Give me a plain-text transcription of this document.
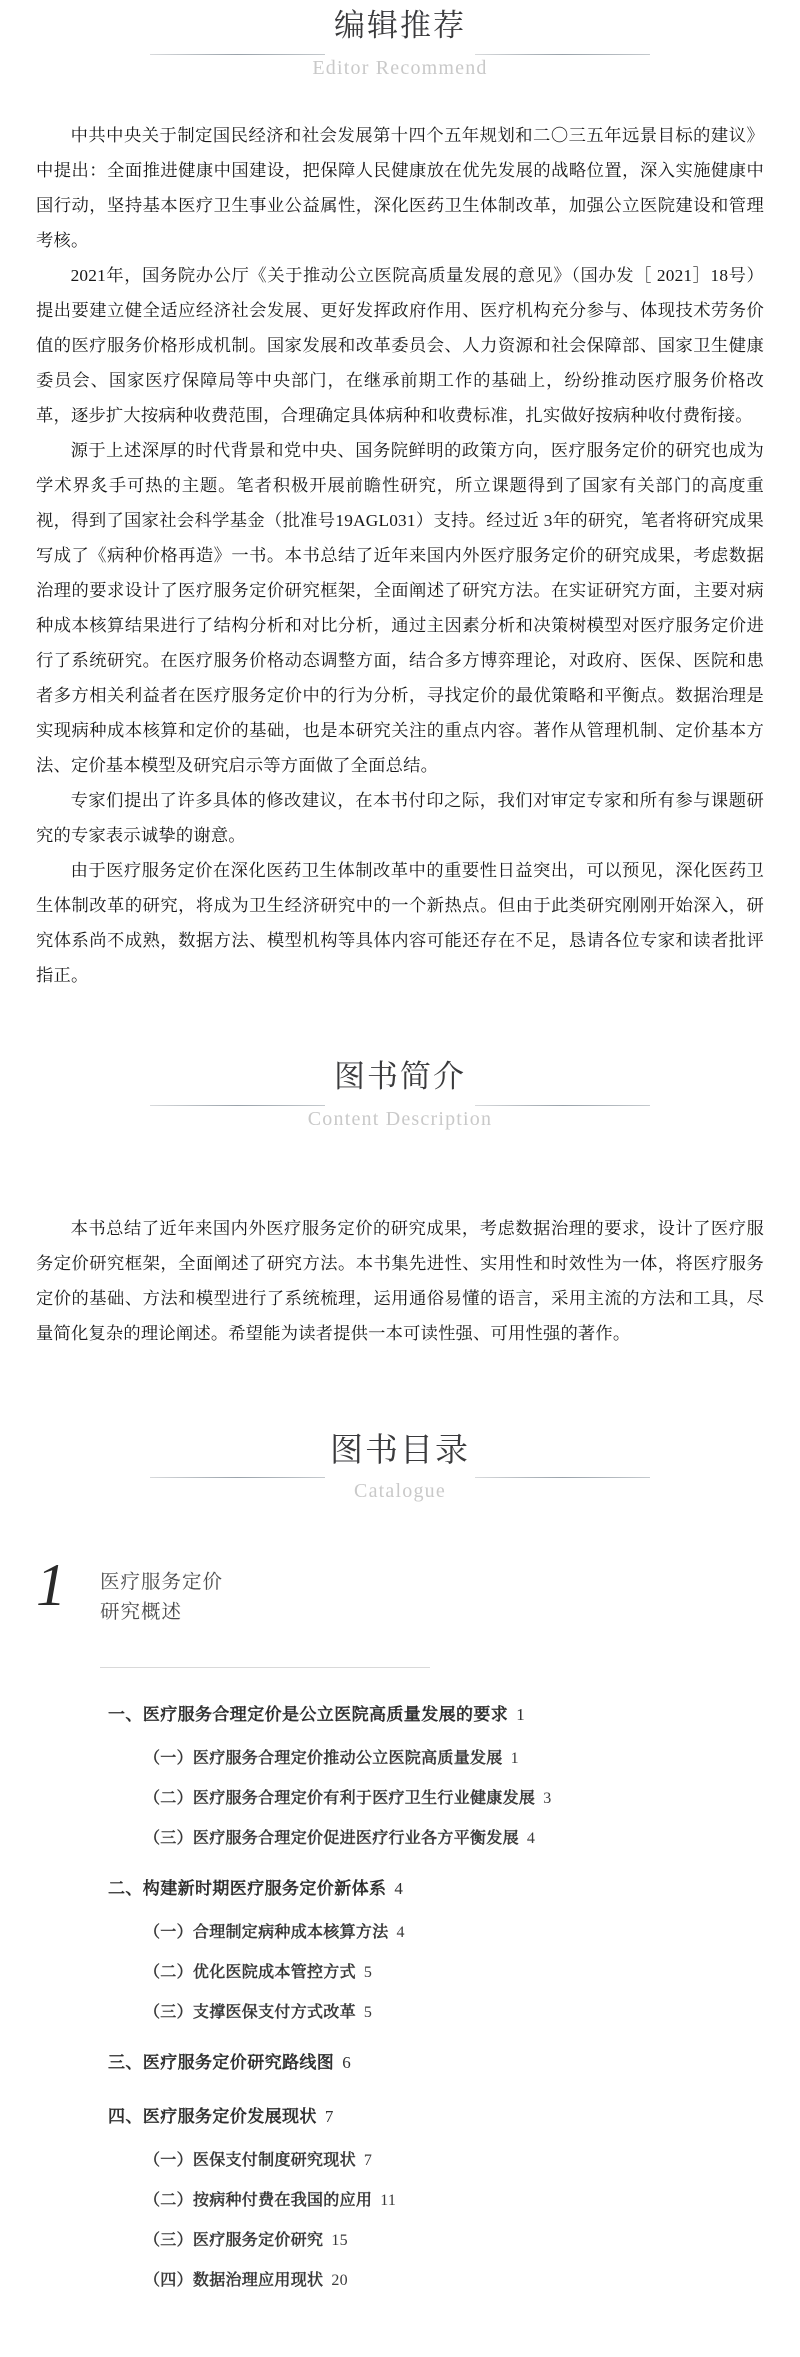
编辑推荐
Editor Recommend

中共中央关于制定国民经济和社会发展第十四个五年规划和二〇三五年远景目标的建议》中提出：全面推进健康中国建设，把保障人民健康放在优先发展的战略位置，深入实施健康中国行动，坚持基本医疗卫生事业公益属性，深化医药卫生体制改革，加强公立医院建设和管理考核。

2021年，国务院办公厅《关于推动公立医院高质量发展的意见》（国办发［ 2021］18号）提出要建立健全适应经济社会发展、更好发挥政府作用、医疗机构充分参与、体现技术劳务价值的医疗服务价格形成机制。国家发展和改革委员会、人力资源和社会保障部、国家卫生健康委员会、国家医疗保障局等中央部门，在继承前期工作的基础上，纷纷推动医疗服务价格改革，逐步扩大按病种收费范围，合理确定具体病种和收费标准，扎实做好按病种收付费衔接。

源于上述深厚的时代背景和党中央、国务院鲜明的政策方向，医疗服务定价的研究也成为学术界炙手可热的主题。笔者积极开展前瞻性研究，所立课题得到了国家有关部门的高度重视，得到了国家社会科学基金（批准号19AGL031）支持。经过近 3年的研究，笔者将研究成果写成了《病种价格再造》一书。本书总结了近年来国内外医疗服务定价的研究成果，考虑数据治理的要求设计了医疗服务定价研究框架，全面阐述了研究方法。在实证研究方面，主要对病种成本核算结果进行了结构分析和对比分析，通过主因素分析和决策树模型对医疗服务定价进行了系统研究。在医疗服务价格动态调整方面，结合多方博弈理论，对政府、医保、医院和患者多方相关利益者在医疗服务定价中的行为分析，寻找定价的最优策略和平衡点。数据治理是实现病种成本核算和定价的基础，也是本研究关注的重点内容。著作从管理机制、定价基本方法、定价基本模型及研究启示等方面做了全面总结。

专家们提出了许多具体的修改建议，在本书付印之际，我们对审定专家和所有参与课题研究的专家表示诚挚的谢意。

由于医疗服务定价在深化医药卫生体制改革中的重要性日益突出，可以预见，深化医药卫生体制改革的研究，将成为卫生经济研究中的一个新热点。但由于此类研究刚刚开始深入，研究体系尚不成熟，数据方法、模型机构等具体内容可能还存在不足，恳请各位专家和读者批评指正。

图书简介
Content Description

本书总结了近年来国内外医疗服务定价的研究成果，考虑数据治理的要求，设计了医疗服务定价研究框架，全面阐述了研究方法。本书集先进性、实用性和时效性为一体，将医疗服务定价的基础、方法和模型进行了系统梳理，运用通俗易懂的语言，采用主流的方法和工具，尽量简化复杂的理论阐述。希望能为读者提供一本可读性强、可用性强的著作。

图书目录
Catalogue
1 医疗服务定价
研究概述
一、医疗服务合理定价是公立医院高质量发展的要求 1
（一）医疗服务合理定价推动公立医院高质量发展 1
（二）医疗服务合理定价有利于医疗卫生行业健康发展 3
（三）医疗服务合理定价促进医疗行业各方平衡发展 4
二、构建新时期医疗服务定价新体系 4
（一）合理制定病种成本核算方法 4
（二）优化医院成本管控方式 5
（三）支撑医保支付方式改革 5
三、医疗服务定价研究路线图 6
四、医疗服务定价发展现状 7
（一）医保支付制度研究现状 7
（二）按病种付费在我国的应用 11
（三）医疗服务定价研究 15
（四）数据治理应用现状 20
